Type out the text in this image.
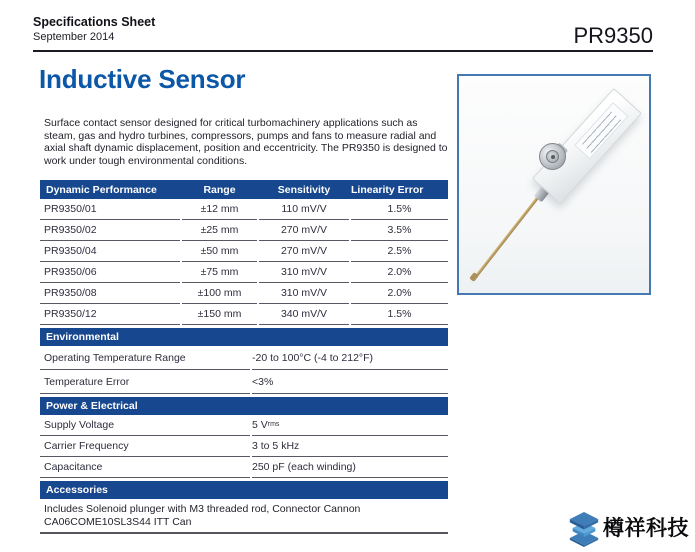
Specifications Sheet
September 2014	PR9350
Inductive Sensor

Surface contact sensor designed for critical turbomachinery applications such as steam, gas and hydro turbines, compressors, pumps and fans to measure radial and axial shaft dynamic displacement, position and eccentricity. The PR9350 is designed to work under tough environmental conditions.

Dynamic Performance	Range	Sensitivity	Linearity Error
PR9350/01	±12 mm	110 mV/V	1.5%
PR9350/02	±25 mm	270 mV/V	3.5%
PR9350/04	±50 mm	270 mV/V	2.5%
PR9350/06	±75 mm	310 mV/V	2.0%
PR9350/08	±100 mm	310 mV/V	2.0%
PR9350/12	±150 mm	340 mV/V	1.5%
Environmental
Operating Temperature Range	-20 to 100°C (-4 to 212°F)
Temperature Error	<3%
Power & Electrical
Supply Voltage	5 V rms
Carrier Frequency	3 to 5 kHz
Capacitance	250 pF (each winding)
Accessories

Includes Solenoid plunger with M3 threaded rod, Connector Cannon CA06COME10SL3S44 ITT Can	樽祥科技
